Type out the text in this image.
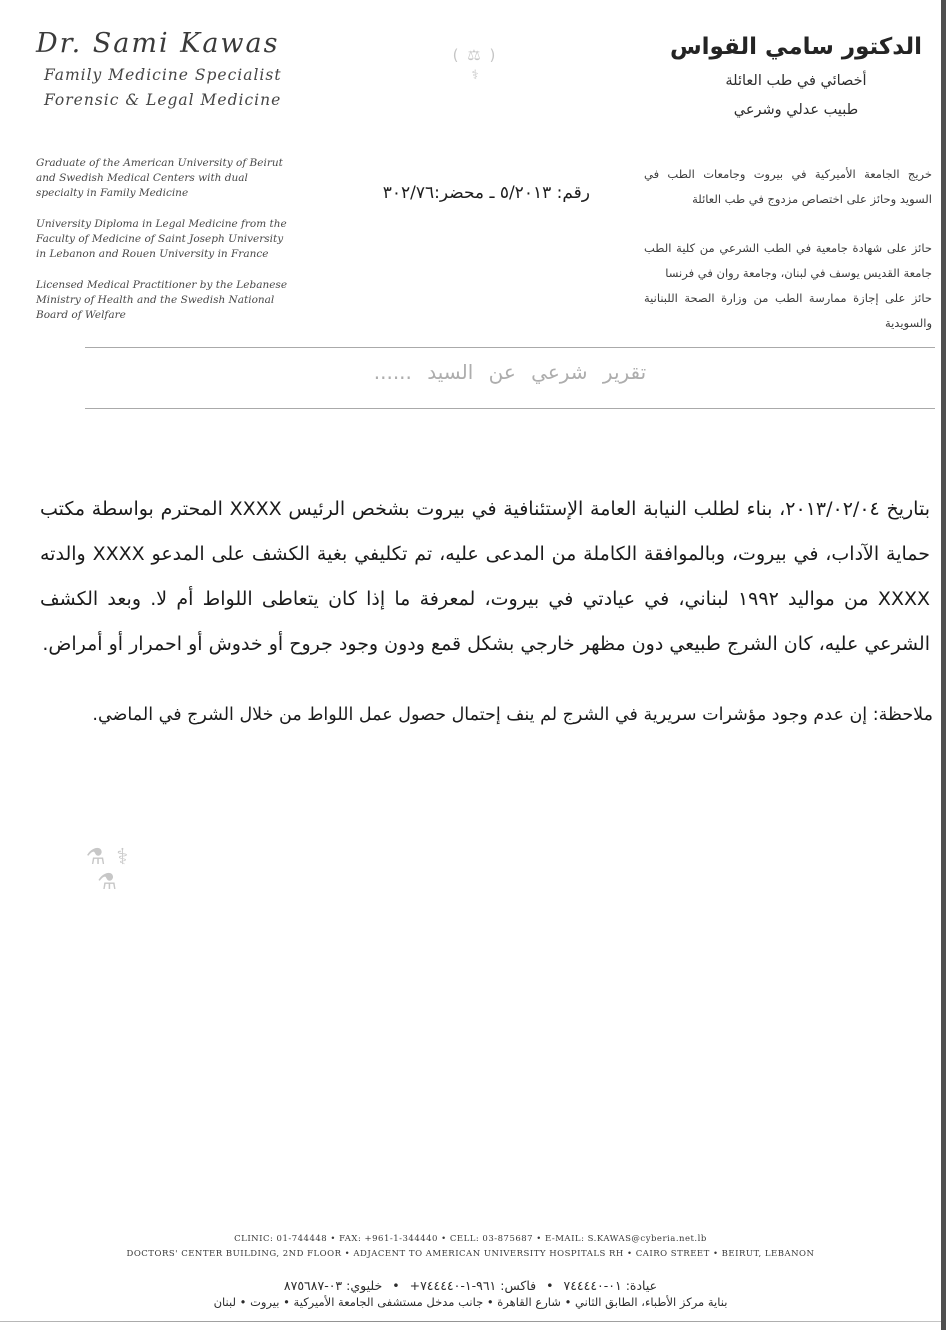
Dr. Sami Kawas
Family Medicine Specialist
Forensic & Legal Medicine
( ⚖ )
⚕
الدكتور سامي القواس
أخصائي في طب العائلة
طبيب عدلي وشرعي

Graduate of the American University of Beirut and Swedish Medical Centers with dual specialty in Family Medicine

University Diploma in Legal Medicine from the Faculty of Medicine of Saint Joseph University in Lebanon and Rouen University in France

Licensed Medical Practitioner by the Lebanese Ministry of Health and the Swedish National Board of Welfare

رقم: ٥/٢٠١٣ ـ محضر:٣٠٢/٧٦

خريج الجامعة الأميركية في بيروت وجامعات الطب في السويد وحائز على اختصاص مزدوج في طب العائلة

حائز على شهادة جامعية في الطب الشرعي من كلية الطب جامعة القديس يوسف في لبنان، وجامعة روان في فرنسا

حائز على إجازة ممارسة الطب من وزارة الصحة اللبنانية والسويدية

تقرير شرعي عن السيد ......
بتاريخ ٢٠١٣/٠٢/٠٤، بناء لطلب النيابة العامة الإستئنافية في بيروت بشخص الرئيس XXXX المحترم بواسطة مكتب حماية الآداب، في بيروت، وبالموافقة الكاملة من المدعى عليه، تم تكليفي بغية الكشف على المدعو XXXX والدته XXXX من مواليد ١٩٩٢ لبناني، في عيادتي في بيروت، لمعرفة ما إذا كان يتعاطى اللواط أم لا. وبعد الكشف الشرعي عليه، كان الشرج طبيعي دون مظهر خارجي بشكل قمع ودون وجود جروح أو خدوش أو احمرار أو أمراض.
ملاحظة: إن عدم وجود مؤشرات سريرية في الشرج لم ينف إحتمال حصول عمل اللواط من خلال الشرج في الماضي.
⚗ ⚕ ⚗
CLINIC: 01-744448 • FAX: +961-1-344440 • CELL: 03-875687 • E-MAIL: S.KAWAS@cyberia.net.lb
DOCTORS' CENTER BUILDING, 2ND FLOOR • ADJACENT TO AMERICAN UNIVERSITY HOSPITALS RH • CAIRO STREET • BEIRUT, LEBANON
عيادة: ٠١-٧٤٤٤٤٠ • فاكس: +٩٦١-١-٧٤٤٤٤٠ • خليوي: ٠٣-٨٧٥٦٨٧
بناية مركز الأطباء، الطابق الثاني • شارع القاهرة • جانب مدخل مستشفى الجامعة الأميركية • بيروت • لبنان
